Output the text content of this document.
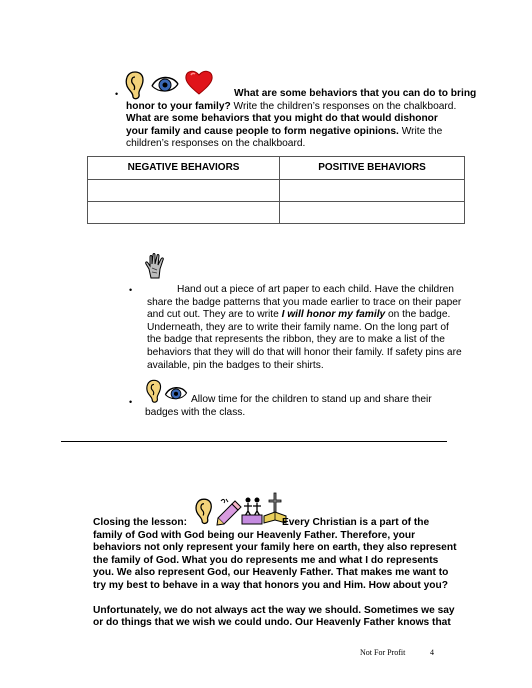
•	What are some behaviors that you can do to bring
honor to your family? Write the children’s responses on the chalkboard.
What are some behaviors that you might do that would dishonor
your family and cause people to form negative opinions. Write the
children’s responses on the chalkboard.
NEGATIVE BEHAVIORS	POSITIVE BEHAVIORS

•	Hand out a piece of art paper to each child. Have the children
share the badge patterns that you made earlier to trace on their paper
and cut out. They are to write I will honor my family on the badge.
Underneath, they are to write their family name. On the long part of
the badge that represents the ribbon, they are to make a list of the
behaviors that they will do that will honor their family. If safety pins are
available, pin the badges to their shirts.
•	Allow time for the children to stand up and share their
badges with the class.
Closing the lesson:	Every Christian is a part of the
family of God with God being our Heavenly Father. Therefore, your
behaviors not only represent your family here on earth, they also represent
the family of God. What you do represents me and what I do represents
you. We also represent God, our Heavenly Father. That makes me want to
try my best to behave in a way that honors you and Him. How about you?
Unfortunately, we do not always act the way we should. Sometimes we say
or do things that we wish we could undo. Our Heavenly Father knows that
Not For Profit	4
